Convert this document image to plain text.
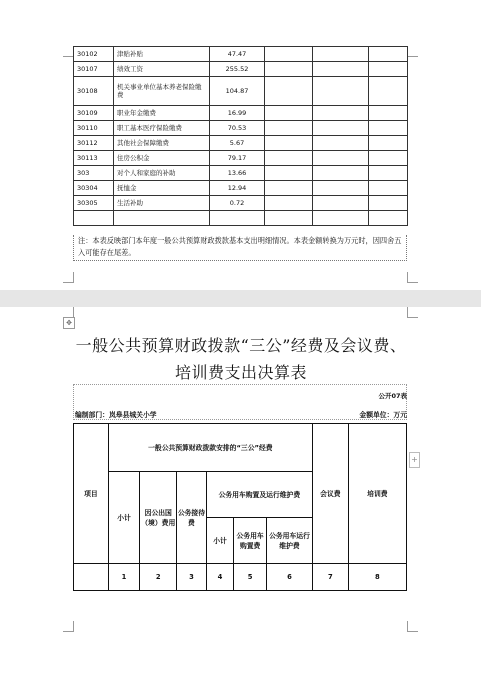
30102	津贴补贴	47.47			
30107	绩效工资	255.52			
30108	机关事业单位基本养老保险缴费	104.87			
30109	职业年金缴费	16.99			
30110	职工基本医疗保险缴费	70.53			
30112	其他社会保障缴费	5.67			
30113	住房公积金	79.17			
303	对个人和家庭的补助	13.66			
30304	抚恤金	12.94			
30305	生活补助	0.72			

注：本表反映部门本年度一般公共预算财政拨款基本支出明细情况。本表金额转换为万元时，因四舍五入可能存在尾差。
✥
一般公共预算财政拨款“三公”经费及会议费、
培训费支出决算表
公开07表
编制部门：岚皋县城关小学	金额单位：万元
项目	一般公共预算财政拨款安排的“三公”经费						会议费	培训费
	小计	因公出国（境）费用	公务接待费	公务用车购置及运行维护费				
				小计	公务用车购置费	公务用车运行维护费		
	1	2	3	4	5	6	7	8
+
